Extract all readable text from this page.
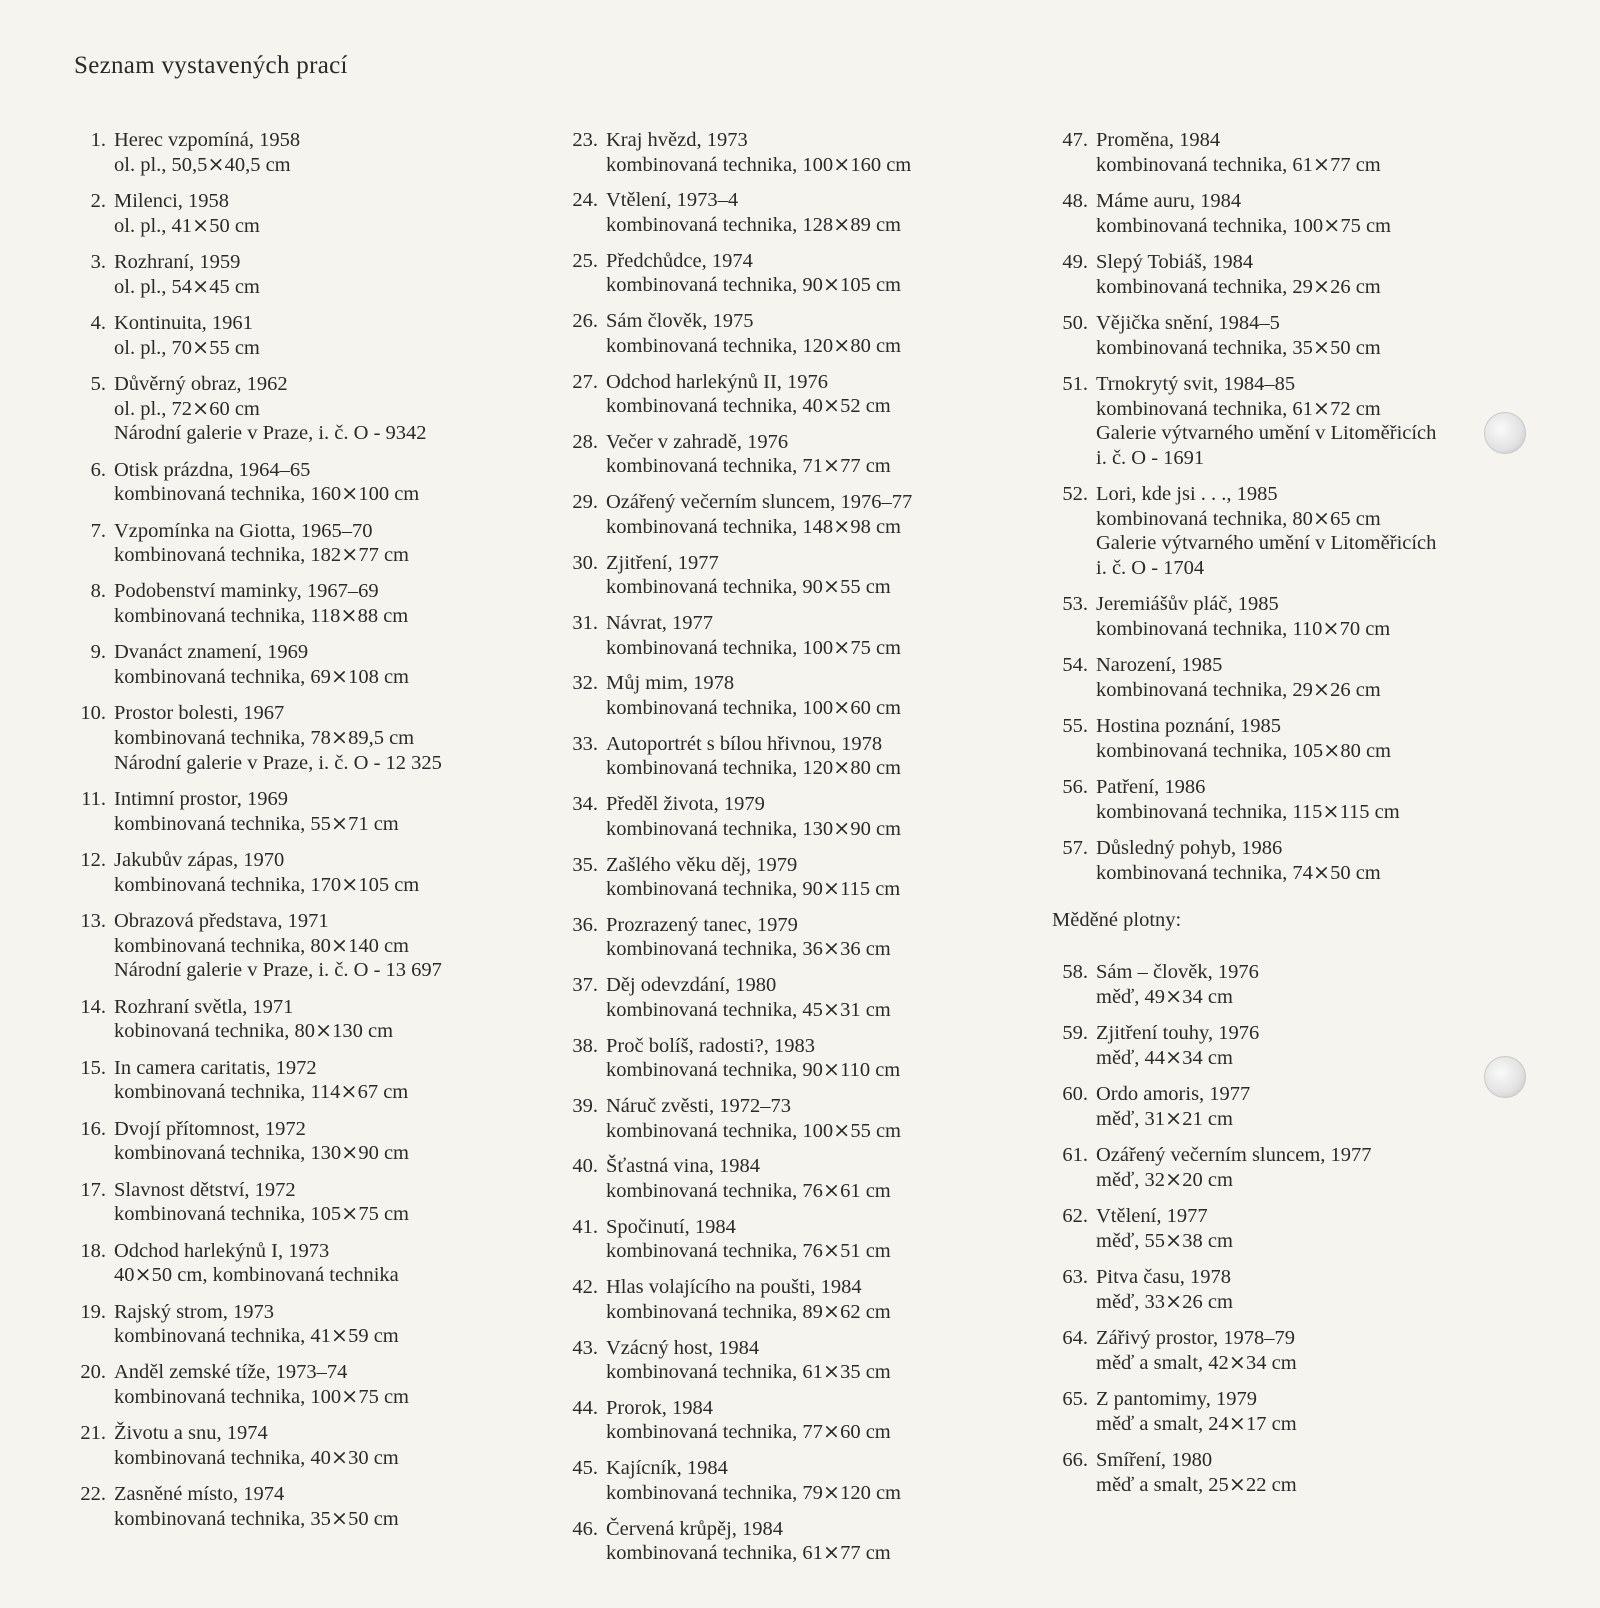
Seznam vystavených prací
1. Herec vzpomíná, 1958
ol. pl., 50,5⨯40,5 cm
2. Milenci, 1958
ol. pl., 41⨯50 cm
3. Rozhraní, 1959
ol. pl., 54⨯45 cm
4. Kontinuita, 1961
ol. pl., 70⨯55 cm
5. Důvěrný obraz, 1962
ol. pl., 72⨯60 cm
Národní galerie v Praze, i. č. O - 9342
6. Otisk prázdna, 1964–65
kombinovaná technika, 160⨯100 cm
7. Vzpomínka na Giotta, 1965–70
kombinovaná technika, 182⨯77 cm
8. Podobenství maminky, 1967–69
kombinovaná technika, 118⨯88 cm
9. Dvanáct znamení, 1969
kombinovaná technika, 69⨯108 cm
10. Prostor bolesti, 1967
kombinovaná technika, 78⨯89,5 cm
Národní galerie v Praze, i. č. O - 12 325
11. Intimní prostor, 1969
kombinovaná technika, 55⨯71 cm
12. Jakubův zápas, 1970
kombinovaná technika, 170⨯105 cm
13. Obrazová představa, 1971
kombinovaná technika, 80⨯140 cm
Národní galerie v Praze, i. č. O - 13 697
14. Rozhraní světla, 1971
kobinovaná technika, 80⨯130 cm
15. In camera caritatis, 1972
kombinovaná technika, 114⨯67 cm
16. Dvojí přítomnost, 1972
kombinovaná technika, 130⨯90 cm
17. Slavnost dětství, 1972
kombinovaná technika, 105⨯75 cm
18. Odchod harlekýnů I, 1973
40⨯50 cm, kombinovaná technika
19. Rajský strom, 1973
kombinovaná technika, 41⨯59 cm
20. Anděl zemské tíže, 1973–74
kombinovaná technika, 100⨯75 cm
21. Životu a snu, 1974
kombinovaná technika, 40⨯30 cm
22. Zasněné místo, 1974
kombinovaná technika, 35⨯50 cm
23. Kraj hvězd, 1973
kombinovaná technika, 100⨯160 cm
24. Vtělení, 1973–4
kombinovaná technika, 128⨯89 cm
25. Předchůdce, 1974
kombinovaná technika, 90⨯105 cm
26. Sám člověk, 1975
kombinovaná technika, 120⨯80 cm
27. Odchod harlekýnů II, 1976
kombinovaná technika, 40⨯52 cm
28. Večer v zahradě, 1976
kombinovaná technika, 71⨯77 cm
29. Ozářený večerním sluncem, 1976–77
kombinovaná technika, 148⨯98 cm
30. Zjitření, 1977
kombinovaná technika, 90⨯55 cm
31. Návrat, 1977
kombinovaná technika, 100⨯75 cm
32. Můj mim, 1978
kombinovaná technika, 100⨯60 cm
33. Autoportrét s bílou hřivnou, 1978
kombinovaná technika, 120⨯80 cm
34. Předěl života, 1979
kombinovaná technika, 130⨯90 cm
35. Zašlého věku děj, 1979
kombinovaná technika, 90⨯115 cm
36. Prozrazený tanec, 1979
kombinovaná technika, 36⨯36 cm
37. Děj odevzdání, 1980
kombinovaná technika, 45⨯31 cm
38. Proč bolíš, radosti?, 1983
kombinovaná technika, 90⨯110 cm
39. Náruč zvěsti, 1972–73
kombinovaná technika, 100⨯55 cm
40. Šťastná vina, 1984
kombinovaná technika, 76⨯61 cm
41. Spočinutí, 1984
kombinovaná technika, 76⨯51 cm
42. Hlas volajícího na poušti, 1984
kombinovaná technika, 89⨯62 cm
43. Vzácný host, 1984
kombinovaná technika, 61⨯35 cm
44. Prorok, 1984
kombinovaná technika, 77⨯60 cm
45. Kajícník, 1984
kombinovaná technika, 79⨯120 cm
46. Červená krůpěj, 1984
kombinovaná technika, 61⨯77 cm
47. Proměna, 1984
kombinovaná technika, 61⨯77 cm
48. Máme auru, 1984
kombinovaná technika, 100⨯75 cm
49. Slepý Tobiáš, 1984
kombinovaná technika, 29⨯26 cm
50. Vějička snění, 1984–5
kombinovaná technika, 35⨯50 cm
51. Trnokrytý svit, 1984–85
kombinovaná technika, 61⨯72 cm
Galerie výtvarného umění v Litoměřicích
i. č. O - 1691
52. Lori, kde jsi . . ., 1985
kombinovaná technika, 80⨯65 cm
Galerie výtvarného umění v Litoměřicích
i. č. O - 1704
53. Jeremiášův pláč, 1985
kombinovaná technika, 110⨯70 cm
54. Narození, 1985
kombinovaná technika, 29⨯26 cm
55. Hostina poznání, 1985
kombinovaná technika, 105⨯80 cm
56. Patření, 1986
kombinovaná technika, 115⨯115 cm
57. Důsledný pohyb, 1986
kombinovaná technika, 74⨯50 cm
Měděné plotny:
58. Sám – člověk, 1976
měď, 49⨯34 cm
59. Zjitření touhy, 1976
měď, 44⨯34 cm
60. Ordo amoris, 1977
měď, 31⨯21 cm
61. Ozářený večerním sluncem, 1977
měď, 32⨯20 cm
62. Vtělení, 1977
měď, 55⨯38 cm
63. Pitva času, 1978
měď, 33⨯26 cm
64. Zářivý prostor, 1978–79
měď a smalt, 42⨯34 cm
65. Z pantomimy, 1979
měď a smalt, 24⨯17 cm
66. Smíření, 1980
měď a smalt, 25⨯22 cm
